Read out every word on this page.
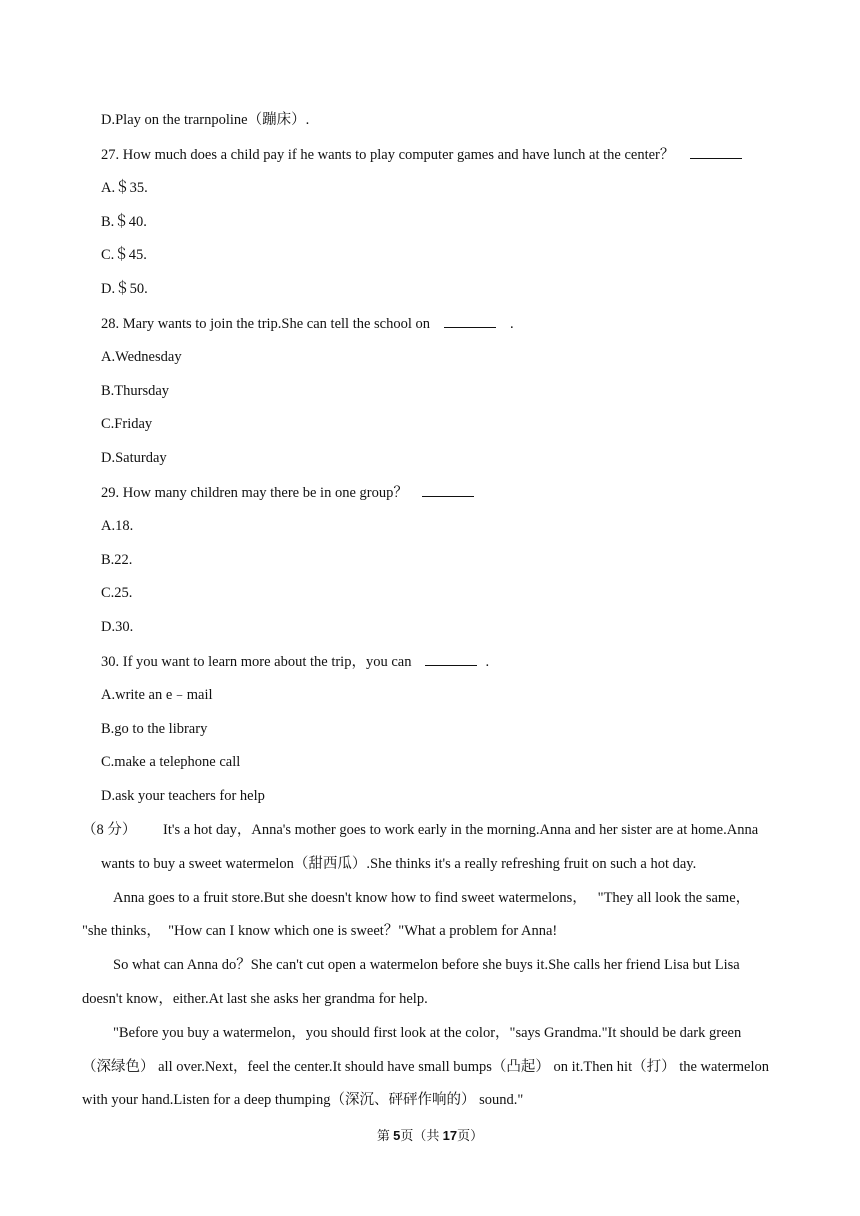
D.Play on the trarnpoline（蹦床）.
27. How much does a child pay if he wants to play computer games and have lunch at the center？
A.＄35.
B.＄40.
C.＄45.
D.＄50.
28. Mary wants to join the trip.She can tell the school on	.
A.Wednesday
B.Thursday
C.Friday
D.Saturday
29. How many children may there be in one group？
A.18.
B.22.
C.25.
D.30.
30. If you want to learn more about the trip，you can	.
A.write an e﹣mail
B.go to the library
C.make a telephone call
D.ask your teachers for help
（8 分） It's a hot day，Anna's mother goes to work early in the morning.Anna and her sister are at home.Anna
wants to buy a sweet watermelon（甜西瓜）.She thinks it's a really refreshing fruit on such a hot day.
Anna goes to a fruit store.But she doesn't know how to find sweet watermelons，   "They all look the same，
"she thinks，  "How can I know which one is sweet？"What a problem for Anna!
So what can Anna do？She can't cut open a watermelon before she buys it.She calls her friend Lisa but Lisa
doesn't know，either.At last she asks her grandma for help.
"Before you buy a watermelon，you should first look at the color，"says Grandma."It should be dark green
（深绿色） all over.Next，feel the center.It should have small bumps（凸起） on it.Then hit（打） the watermelon
with your hand.Listen for a deep thumping（深沉、砰砰作响的） sound."
第 5页（共 17页）
